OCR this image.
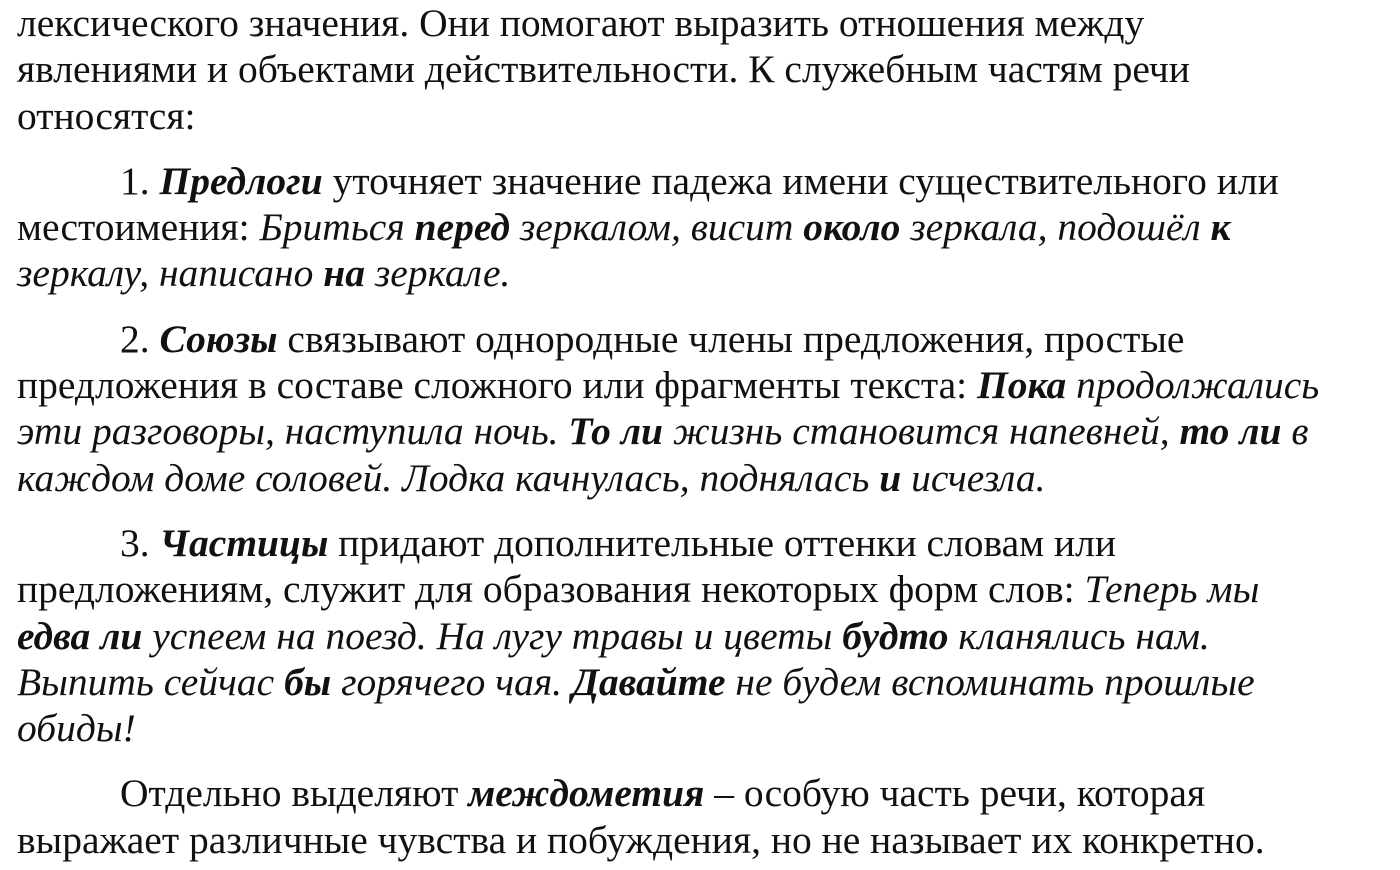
лексического значения. Они помогают выразить отношения между
явлениями и объектами действительности. К служебным частям речи
относятся:
1. Предлоги уточняет значение падежа имени существительного или
местоимения: Бриться перед зеркалом, висит около зеркала, подошёл к
зеркалу, написано на зеркале.
2. Союзы связывают однородные члены предложения, простые
предложения в составе сложного или фрагменты текста: Пока продолжались
эти разговоры, наступила ночь. То ли жизнь становится напевней, то ли в
каждом доме соловей. Лодка качнулась, поднялась и исчезла.
3. Частицы придают дополнительные оттенки словам или
предложениям, служит для образования некоторых форм слов: Теперь мы
едва ли успеем на поезд. На лугу травы и цветы будто кланялись нам.
Выпить сейчас бы горячего чая. Давайте не будем вспоминать прошлые
обиды!
Отдельно выделяют междометия – особую часть речи, которая
выражает различные чувства и побуждения, но не называет их конкретно.
